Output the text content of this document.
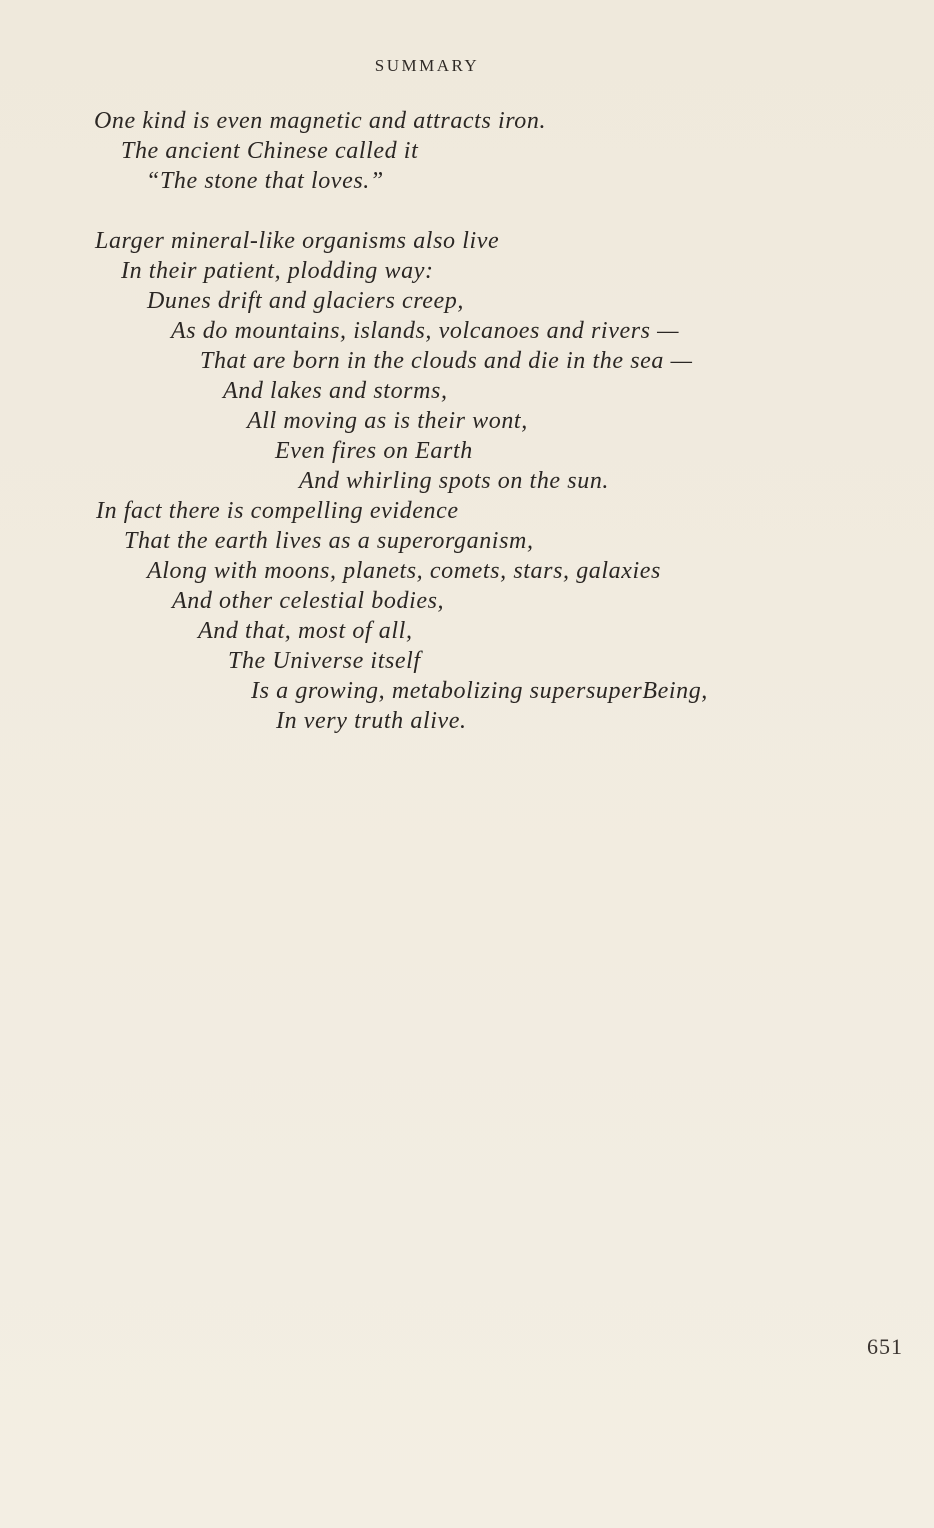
SUMMARY
One kind is even magnetic and attracts iron.
The ancient Chinese called it
“The stone that loves.”
Larger mineral-like organisms also live
In their patient, plodding way:
Dunes drift and glaciers creep,
As do mountains, islands, volcanoes and rivers —
That are born in the clouds and die in the sea —
And lakes and storms,
All moving as is their wont,
Even fires on Earth
And whirling spots on the sun.
In fact there is compelling evidence
That the earth lives as a superorganism,
Along with moons, planets, comets, stars, galaxies
And other celestial bodies,
And that, most of all,
The Universe itself
Is a growing, metabolizing supersuperBeing,
In very truth alive.
651
